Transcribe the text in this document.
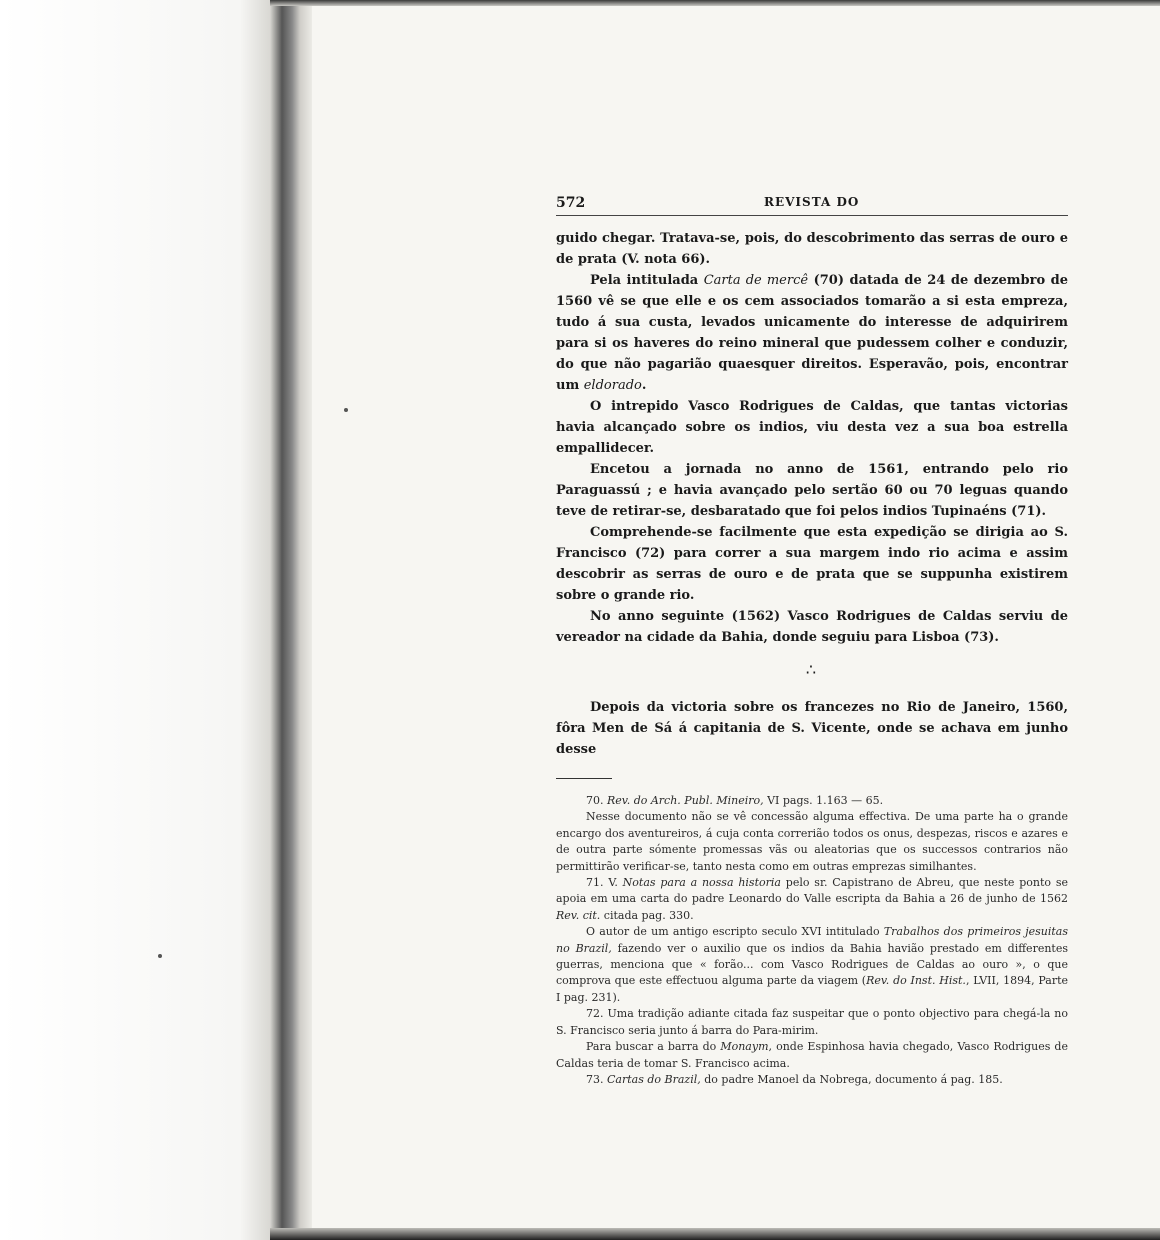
572	REVISTA DO

guido chegar. Tratava-se, pois, do descobrimento das serras de ouro e de prata (V. nota 66).

Pela intitulada Carta de mercê (70) datada de 24 de dezembro de 1560 vê se que elle e os cem associados tomarão a si esta empreza, tudo á sua custa, levados unicamente do interesse de adquirirem para si os haveres do reino mineral que pudessem colher e conduzir, do que não pagarião quaesquer direitos. Esperavão, pois, encontrar um eldorado.

O intrepido Vasco Rodrigues de Caldas, que tantas victorias havia alcançado sobre os indios, viu desta vez a sua boa estrella empallidecer.

Encetou a jornada no anno de 1561, entrando pelo rio Paraguassú ; e havia avançado pelo sertão 60 ou 70 leguas quando teve de retirar-se, desbaratado que foi pelos indios Tupinaéns (71).

Comprehende-se facilmente que esta expedição se dirigia ao S. Francisco (72) para correr a sua margem indo rio acima e assim descobrir as serras de ouro e de prata que se suppunha existirem sobre o grande rio.

No anno seguinte (1562) Vasco Rodrigues de Caldas serviu de vereador na cidade da Bahia, donde seguiu para Lisboa (73).

∴

Depois da victoria sobre os francezes no Rio de Janeiro, 1560, fôra Men de Sá á capitania de S. Vicente, onde se achava em junho desse

70. Rev. do Arch. Publ. Mineiro, VI pags. 1.163 — 65.

Nesse documento não se vê concessão alguma effectiva. De uma parte ha o grande encargo dos aventureiros, á cuja conta correrião todos os onus, despezas, riscos e azares e de outra parte sómente promessas vãs ou aleatorias que os successos contrarios não permittirão verificar-se, tanto nesta como em outras emprezas similhantes.

71. V. Notas para a nossa historia pelo sr. Capistrano de Abreu, que neste ponto se apoia em uma carta do padre Leonardo do Valle escripta da Bahia a 26 de junho de 1562 Rev. cit. citada pag. 330.

O autor de um antigo escripto seculo XVI intitulado Trabalhos dos primeiros jesuitas no Brazil, fazendo ver o auxilio que os indios da Bahia havião prestado em differentes guerras, menciona que « forão... com Vasco Rodrigues de Caldas ao ouro », o que comprova que este effectuou alguma parte da viagem (Rev. do Inst. Hist., LVII, 1894, Parte I pag. 231).

72. Uma tradição adiante citada faz suspeitar que o ponto objectivo para chegá-la no S. Francisco seria junto á barra do Para-mirim.

Para buscar a barra do Monaym, onde Espinhosa havia chegado, Vasco Rodrigues de Caldas teria de tomar S. Francisco acima.

73. Cartas do Brazil, do padre Manoel da Nobrega, documento á pag. 185.
